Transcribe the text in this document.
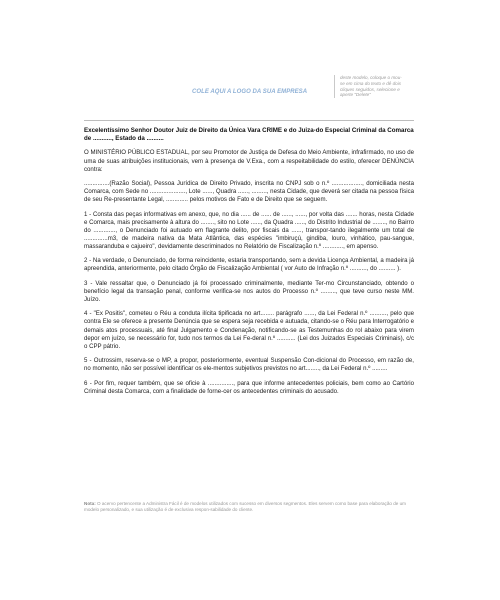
COLE AQUI A LOGO DA SUA EMPRESA
deste modelo, coloque o mou-
se em cima do texto e dê dois
cliques seguidos, selecione e
aperte "Delete"
Excelentíssimo Senhor Doutor Juiz de Direito da Única Vara CRIME e do Juiza-do Especial Criminal da Comarca de ..........., Estado da ..........

O MINISTÉRIO PÚBLICO ESTADUAL, por seu Promotor de Justiça de Defesa do Meio Ambiente, infrafirmado, no uso de uma de suas atribuições institucionais, vem à presença de V.Exa., com a respeitabilidade do estilo, oferecer DENÚNCIA contra:

...............(Razão Social), Pessoa Jurídica de Direito Privado, inscrita no CNPJ sob o n.º .................., domiciliada nesta Comarca, com Sede no ....................., Lote ......, Quadra ......, ........., nesta Cidade, que deverá ser citada na pessoa física de seu Re-presentante Legal, ............. pelos motivos de Fato e de Direito que se seguem.

1 - Consta das peças informativas em anexo, que, no dia ...... de ...... de ......, ......, por volta das ....... horas, nesta Cidade e Comarca, mais precisamente à altura do ........, sito no Lote ......, da Quadra ......, do Distrito Industrial de ........, no Bairro do ............., o Denunciado foi autuado em flagrante delito, por fiscais da ......, transpor-tando ilegalmente um total de ..............m3, de madeira nativa da Mata Atlântica, das espécies "imbiruçú, gindiba, louro, vinhático, pau-sangue, massaranduba e cajueiro", devidamente descriminados no Relatório de Fiscalização n.º ............, em apenso.

2 - Na verdade, o Denunciado, de forma reincidente, estaria transportando, sem a devida Licença Ambiental, a madeira já apreendida, anteriormente, pelo citado Órgão de Fiscalização Ambiental ( vor Auto de Infração n.º .........., do .......... ).

3 - Vale ressaltar que, o Denunciado já foi processado criminalmente, mediante Ter-mo Circunstanciado, obtendo o benefício legal da transação penal, conforme verifica-se nos autos do Processo n.º ........., que teve curso neste MM. Juízo.

4 - "Ex Positis", cometeu o Réu a conduta ilícita tipificada no art........ parágrafo ......, da Lei Federal n.º .........., pelo que contra Ele se oferece a presente Denúncia que se espera seja recebida e autuada, citando-se o Réu para Interrogatório e demais atos processuais, até final Julgamento e Condenação, notificando-se as Testemunhas do rol abaixo para virem depor em juízo, se necessário for, tudo nos termos da Lei Fe-deral n.º ........... (Lei dos Juizados Especiais Criminais), c/c o CPP pátrio.

5 - Outrossim, reserva-se o MP, a propor, posteriormente, eventual Suspensão Con-dicional do Processo, em razão de, no momento, não ser possível identificar os ele-mentos subjetivos previstos no art........, da Lei Federal n.º .........

6 - Por fim, requer também, que se oficie à ..............., para que informe antecedentes policiais, bem como ao Cartório Criminal desta Comarca, com a finalidade de forne-cer os antecedentes criminais do acusado.

Nota: O acervo pertencente a Administra Fácil é de modelos utilizados com sucesso em diversos segmentos. Eles servem como base para elaboração de um modelo personalizado, e sua utilização é de exclusiva respon-sabilidade do cliente.
